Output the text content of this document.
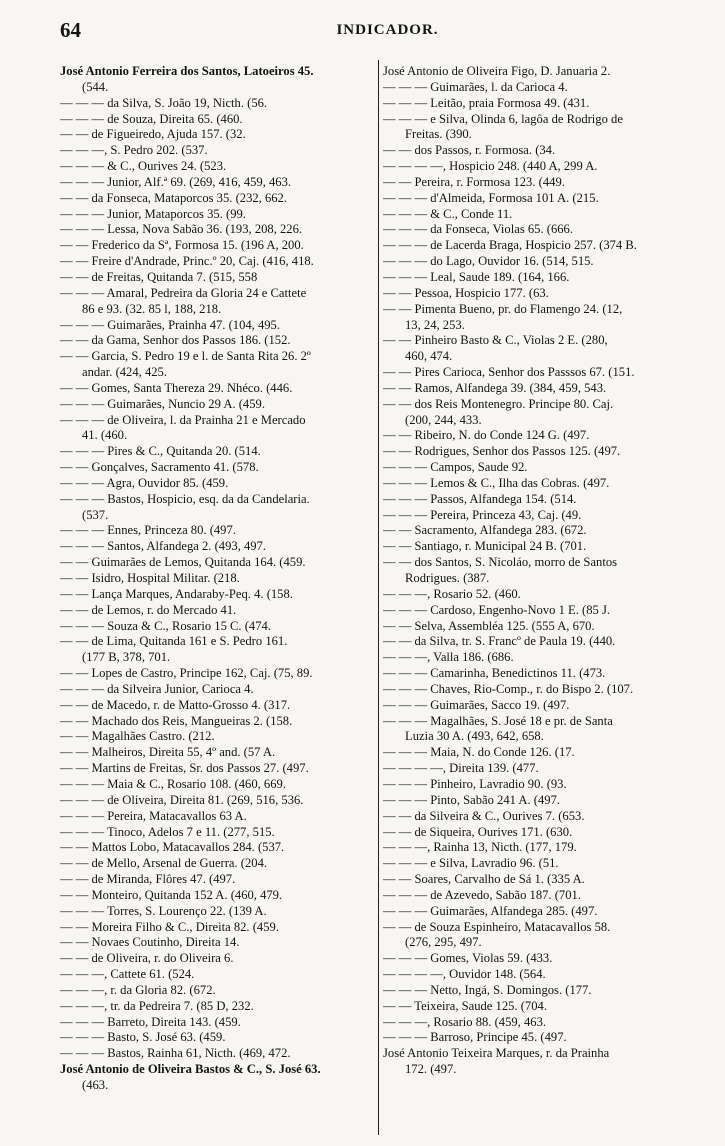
64	INDICADOR.
José Antonio Ferreira dos Santos, Latoeiros 45.
(544.
— — — da Silva, S. João 19, Nicth. (56.
— — — de Souza, Direita 65. (460.
— — de Figueiredo, Ajuda 157. (32.
— — —, S. Pedro 202. (537.
— — — & C., Ourives 24. (523.
— — — Junior, Alf.ª 69. (269, 416, 459, 463.
— — da Fonseca, Mataporcos 35. (232, 662.
— — — Junior, Mataporcos 35. (99.
— — — Lessa, Nova Sabão 36. (193, 208, 226.
— — Frederico da Sª, Formosa 15. (196 A, 200.
— — Freire d'Andrade, Princ.º 20, Caj. (416, 418.
— — de Freitas, Quitanda 7. (515, 558
— — — Amaral, Pedreira da Gloria 24 e Cattete
86 e 93. (32. 85 l, 188, 218.
— — — Guimarães, Prainha 47. (104, 495.
— — da Gama, Senhor dos Passos 186. (152.
— — Garcia, S. Pedro 19 e l. de Santa Rita 26. 2º
andar. (424, 425.
— — Gomes, Santa Thereza 29. Nhéco. (446.
— — — Guimarães, Nuncio 29 A. (459.
— — — de Oliveira, l. da Prainha 21 e Mercado
41. (460.
— — — Pires & C., Quitanda 20. (514.
— — Gonçalves, Sacramento 41. (578.
— — — Agra, Ouvidor 85. (459.
— — — Bastos, Hospicio, esq. da da Candelaria.
(537.
— — — Ennes, Princeza 80. (497.
— — — Santos, Alfandega 2. (493, 497.
— — Guimarães de Lemos, Quitanda 164. (459.
— — Isidro, Hospital Militar. (218.
— — Lança Marques, Andaraby-Peq. 4. (158.
— — de Lemos, r. do Mercado 41.
— — — Souza & C., Rosario 15 C. (474.
— — de Lima, Quitanda 161 e S. Pedro 161.
(177 B, 378, 701.
— — Lopes de Castro, Principe 162, Caj. (75, 89.
— — — da Silveira Junior, Carioca 4.
— — de Macedo, r. de Matto-Grosso 4. (317.
— — Machado dos Reis, Mangueiras 2. (158.
— — Magalhães Castro. (212.
— — Malheiros, Direita 55, 4º and. (57 A.
— — Martins de Freitas, Sr. dos Passos 27. (497.
— — — Maia & C., Rosario 108. (460, 669.
— — — de Oliveira, Direita 81. (269, 516, 536.
— — — Pereira, Matacavallos 63 A.
— — — Tinoco, Adelos 7 e 11. (277, 515.
— — Mattos Lobo, Matacavallos 284. (537.
— — de Mello, Arsenal de Guerra. (204.
— — de Miranda, Flôres 47. (497.
— — Monteiro, Quitanda 152 A. (460, 479.
— — — Torres, S. Lourenço 22. (139 A.
— — Moreira Filho & C., Direita 82. (459.
— — Novaes Coutinho, Direita 14.
— — de Oliveira, r. do Oliveira 6.
— — —, Cattete 61. (524.
— — —, r. da Gloria 82. (672.
— — —, tr. da Pedreira 7. (85 D, 232.
— — — Barreto, Direita 143. (459.
— — — Basto, S. José 63. (459.
— — — Bastos, Rainha 61, Nicth. (469, 472.
José Antonio de Oliveira Bastos & C., S. José 63.
(463.
José Antonio de Oliveira Figo, D. Januaria 2.
— — — Guimarães, l. da Carioca 4.
— — — Leitão, praia Formosa 49. (431.
— — — e Silva, Olinda 6, lagôa de Rodrigo de
Freitas. (390.
— — dos Passos, r. Formosa. (34.
— — — —, Hospicio 248. (440 A, 299 A.
— — Pereira, r. Formosa 123. (449.
— — — d'Almeida, Formosa 101 A. (215.
— — — & C., Conde 11.
— — — da Fonseca, Violas 65. (666.
— — — de Lacerda Braga, Hospicio 257. (374 B.
— — — do Lago, Ouvidor 16. (514, 515.
— — — Leal, Saude 189. (164, 166.
— — Pessoa, Hospicio 177. (63.
— — Pimenta Bueno, pr. do Flamengo 24. (12,
13, 24, 253.
— — Pinheiro Basto & C., Violas 2 E. (280,
460, 474.
— — Pires Carioca, Senhor dos Passsos 67. (151.
— — Ramos, Alfandega 39. (384, 459, 543.
— — dos Reis Montenegro. Principe 80. Caj.
(200, 244, 433.
— — Ribeiro, N. do Conde 124 G. (497.
— — Rodrigues, Senhor dos Passos 125. (497.
— — — Campos, Saude 92.
— — — Lemos & C., Ilha das Cobras. (497.
— — — Passos, Alfandega 154. (514.
— — — Pereira, Princeza 43, Caj. (49.
— — Sacramento, Alfandega 283. (672.
— — Santiago, r. Municipal 24 B. (701.
— — dos Santos, S. Nicoláo, morro de Santos
Rodrigues. (387.
— — —, Rosario 52. (460.
— — — Cardoso, Engenho-Novo 1 E. (85 J.
— — Selva, Assembléa 125. (555 A, 670.
— — da Silva, tr. S. Francº de Paula 19. (440.
— — —, Valla 186. (686.
— — — Camarinha, Benedictinos 11. (473.
— — — Chaves, Rio-Comp., r. do Bispo 2. (107.
— — — Guimarães, Sacco 19. (497.
— — — Magalhães, S. José 18 e pr. de Santa
Luzia 30 A. (493, 642, 658.
— — — Maia, N. do Conde 126. (17.
— — — —, Direita 139. (477.
— — — Pinheiro, Lavradio 90. (93.
— — — Pinto, Sabão 241 A. (497.
— — da Silveira & C., Ourives 7. (653.
— — de Siqueira, Ourives 171. (630.
— — —, Rainha 13, Nicth. (177, 179.
— — — e Silva, Lavradio 96. (51.
— — Soares, Carvalho de Sá 1. (335 A.
— — — de Azevedo, Sabão 187. (701.
— — — Guimarães, Alfandega 285. (497.
— — de Souza Espinheiro, Matacavallos 58.
(276, 295, 497.
— — — Gomes, Violas 59. (433.
— — — —, Ouvidor 148. (564.
— — — Netto, Ingá, S. Domingos. (177.
— — Teixeira, Saude 125. (704.
— — —, Rosario 88. (459, 463.
— — — Barroso, Principe 45. (497.
José Antonio Teixeira Marques, r. da Prainha
172. (497.
